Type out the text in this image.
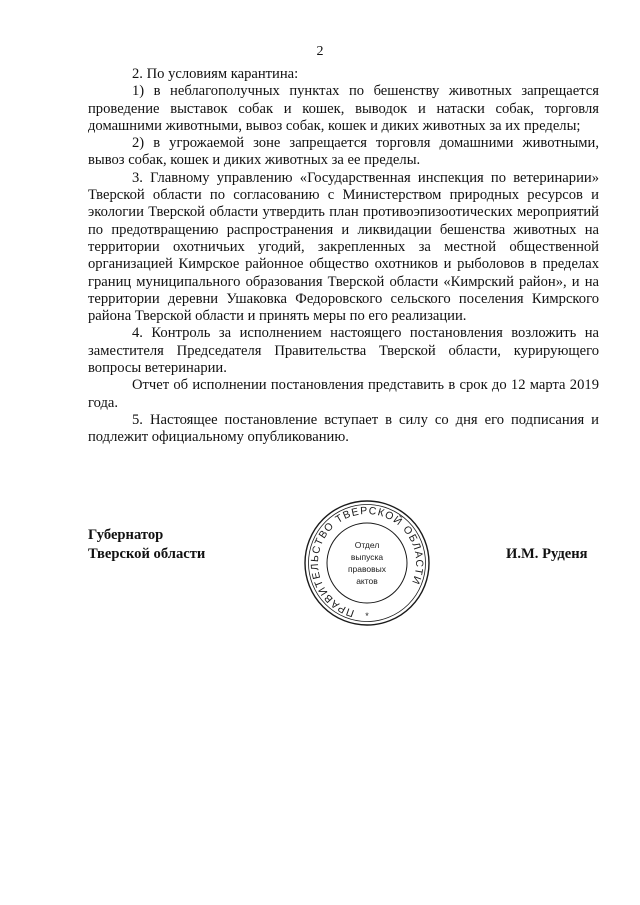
2

2. По условиям карантина:

1) в неблагополучных пунктах по бешенству животных запрещается проведение выставок собак и кошек, выводок и натаски собак, торговля домашними животными, вывоз собак, кошек и диких животных за их пределы;

2) в угрожаемой зоне запрещается торговля домашними животными, вывоз собак, кошек и диких животных за ее пределы.

3. Главному управлению «Государственная инспекция по ветеринарии» Тверской области по согласованию с Министерством природных ресурсов и экологии Тверской области утвердить план противоэпизоотических мероприятий по предотвращению распространения и ликвидации бешенства животных на территории охотничьих угодий, закрепленных за местной общественной организацией Кимрское районное общество охотников и рыболовов в пределах границ муниципального образования Тверской области «Кимрский район», и на территории деревни Ушаковка Федоровского сельского поселения Кимрского района Тверской области и принять меры по его реализации.

4. Контроль за исполнением настоящего постановления возложить на заместителя Председателя Правительства Тверской области, курирующего вопросы ветеринарии.

Отчет об исполнении постановления представить в срок до 12 марта 2019 года.

5. Настоящее постановление вступает в силу со дня его подписания и подлежит официальному опубликованию.

Губернатор
Тверской области
ПРАВИТЕЛЬСТВО ТВЕРСКОЙ ОБЛАСТИ
*
Отдел
выпуска
правовых
актов
И.М. Руденя
